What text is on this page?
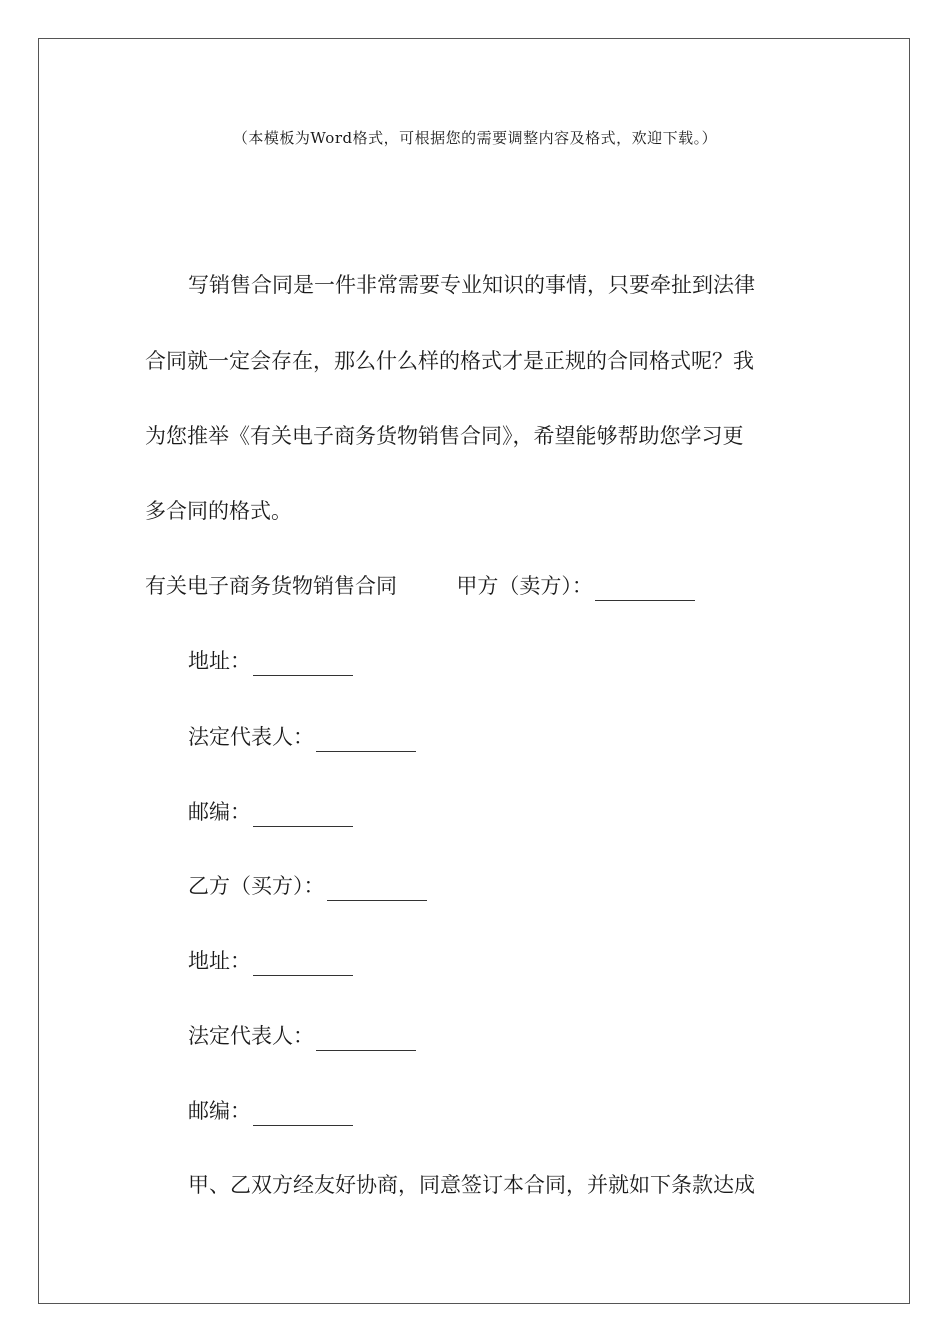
（本模板为Word格式，可根据您的需要调整内容及格式，欢迎下载。）
写销售合同是一件非常需要专业知识的事情，只要牵扯到法律
合同就一定会存在，那么什么样的格式才是正规的合同格式呢？我
为您推举《有关电子商务货物销售合同》，希望能够帮助您学习更
多合同的格式。
有关电子商务货物销售合同	甲方（卖方）：
地址：
法定代表人：
邮编：
乙方（买方）：
地址：
法定代表人：
邮编：
甲、乙双方经友好协商，同意签订本合同，并就如下条款达成
